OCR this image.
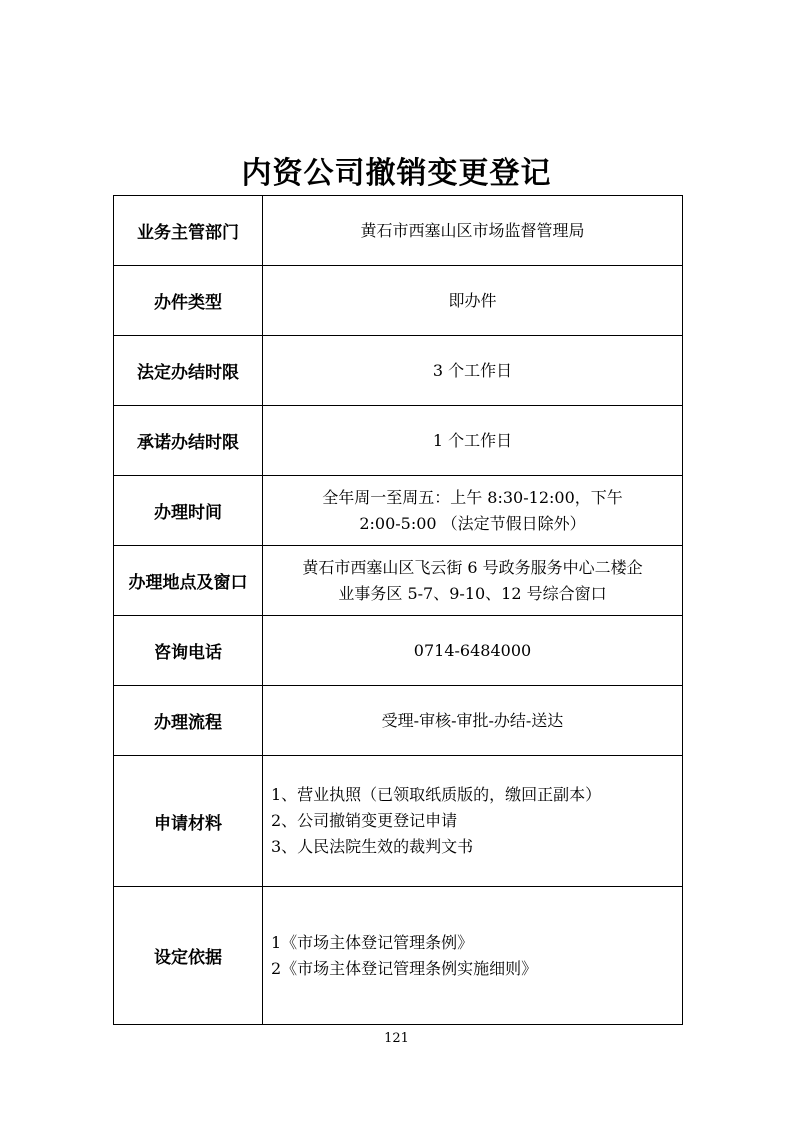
内资公司撤销变更登记
业务主管部门	黄石市西塞山区市场监督管理局
办件类型	即办件
法定办结时限	3 个工作日
承诺办结时限	1 个工作日
办理时间	全年周一至周五：上午 8:30-12:00，下午
2:00-5:00 （法定节假日除外）

办理地点及窗口	黄石市西塞山区飞云街 6 号政务服务中心二楼企
业事务区 5-7、9-10、12 号综合窗口

咨询电话	0714-6484000
办理流程	受理-审核-审批-办结-送达
申请材料	1、营业执照（已领取纸质版的，缴回正副本）
2、公司撤销变更登记申请
3、人民法院生效的裁判文书

设定依据	1《市场主体登记管理条例》
2《市场主体登记管理条例实施细则》
121
